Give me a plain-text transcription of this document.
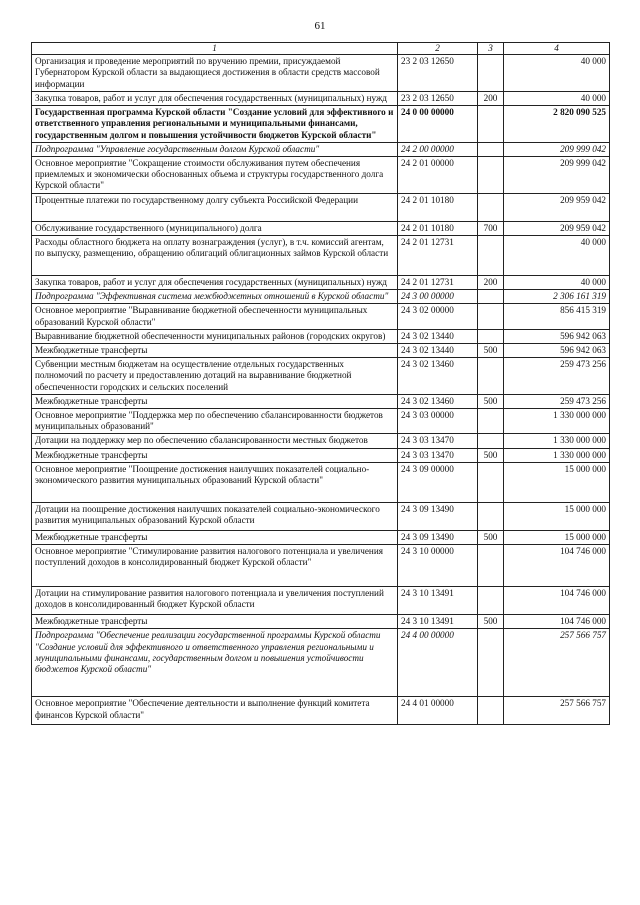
61
1	2	3	4
Организация и проведение мероприятий по вручению премии, присуждаемой Губернатором Курской области за выдающиеся достижения в области средств массовой информации	23 2 03 12650		40 000
Закупка товаров, работ и услуг для обеспечения государственных (муниципальных) нужд	23 2 03 12650	200	40 000
Государственная программа Курской области "Создание условий для эффективного и ответственного управления региональными и муниципальными финансами, государственным долгом и повышения устойчивости бюджетов Курской области"	24 0 00 00000		2 820 090 525
Подпрограмма "Управление государственным долгом Курской области"	24 2 00 00000		209 999 042
Основное мероприятие "Сокращение стоимости обслуживания путем обеспечения приемлемых и экономически обоснованных объема и структуры государственного долга Курской области"	24 2 01 00000		209 999 042
Процентные платежи по государственному долгу субъекта Российской Федерации	24 2 01 10180		209 959 042
Обслуживание государственного (муниципального) долга	24 2 01 10180	700	209 959 042
Расходы областного бюджета на оплату вознаграждения (услуг), в т.ч. комиссий агентам, по выпуску, размещению, обращению облигаций облигационных займов Курской области	24 2 01 12731		40 000
Закупка товаров, работ и услуг для обеспечения государственных (муниципальных) нужд	24 2 01 12731	200	40 000
Подпрограмма "Эффективная система межбюджетных отношений в Курской области"	24 3 00 00000		2 306 161 319
Основное мероприятие "Выравнивание бюджетной обеспеченности муниципальных образований Курской области"	24 3 02 00000		856 415 319
Выравнивание бюджетной обеспеченности муниципальных районов (городских округов)	24 3 02 13440		596 942 063
Межбюджетные трансферты	24 3 02 13440	500	596 942 063
Субвенции местным бюджетам на осуществление отдельных государственных полномочий по расчету и предоставлению дотаций на выравнивание бюджетной обеспеченности городских и сельских поселений	24 3 02 13460		259 473 256
Межбюджетные трансферты	24 3 02 13460	500	259 473 256
Основное мероприятие "Поддержка мер по обеспечению сбалансированности бюджетов муниципальных образований"	24 3 03 00000		1 330 000 000
Дотации на поддержку мер по обеспечению сбалансированности местных бюджетов	24 3 03 13470		1 330 000 000
Межбюджетные трансферты	24 3 03 13470	500	1 330 000 000
Основное мероприятие "Поощрение достижения наилучших показателей социально-экономического развития муниципальных образований Курской области"	24 3 09 00000		15 000 000
Дотации на поощрение достижения наилучших показателей социально-экономического развития муниципальных образований Курской области	24 3 09 13490		15 000 000
Межбюджетные трансферты	24 3 09 13490	500	15 000 000
Основное мероприятие "Стимулирование развития налогового потенциала и увеличения поступлений доходов в консолидированный бюджет Курской области"	24 3 10 00000		104 746 000
Дотации на стимулирование развития налогового потенциала и увеличения поступлений доходов в консолидированный бюджет Курской области	24 3 10 13491		104 746 000
Межбюджетные трансферты	24 3 10 13491	500	104 746 000
Подпрограмма "Обеспечение реализации государственной программы Курской области "Создание условий для эффективного и ответственного управления региональными и муниципальными финансами, государственным долгом и повышения устойчивости бюджетов Курской области"	24 4 00 00000		257 566 757
Основное мероприятие "Обеспечение деятельности и выполнение функций комитета финансов Курской области"	24 4 01 00000		257 566 757
